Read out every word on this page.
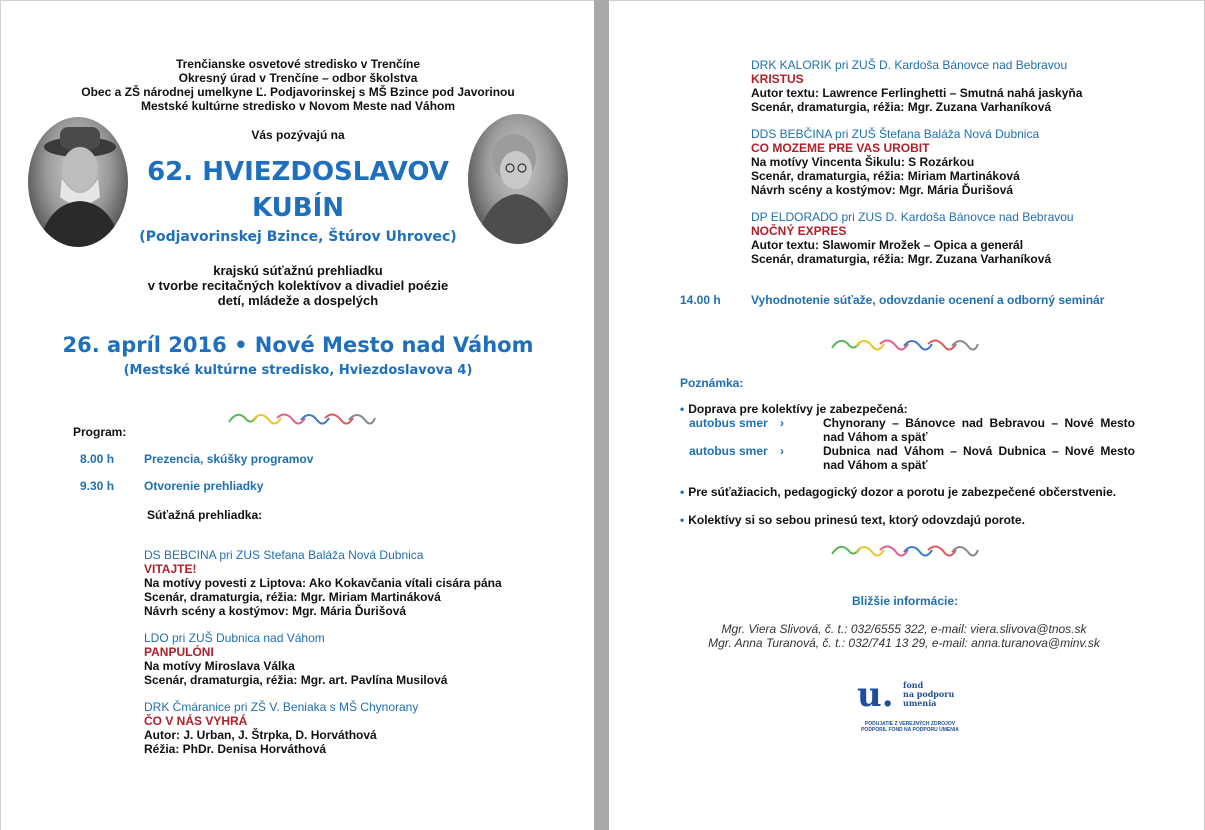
Trenčianske osvetové stredisko v Trenčíne
Okresný úrad v Trenčíne – odbor školstva
Obec a ZŠ národnej umelkyne Ľ. Podjavorinskej s MŠ Bzince pod Javorinou
Mestské kultúrne stredisko v Novom Meste nad Váhom
Vás pozývajú na
62. HVIEZDOSLAVOV
KUBÍN
(Podjavorinskej Bzince, Štúrov Uhrovec)
krajskú súťažnú prehliadku
v tvorbe recitačných kolektívov a divadiel poézie
detí, mládeže a dospelých
26. apríl 2016 • Nové Mesto nad Váhom
(Mestské kultúrne stredisko, Hviezdoslavova 4)
Program:
8.00 h Prezencia, skúšky programov
9.30 h Otvorenie prehliadky
Súťažná prehliadka:
DS BEBCINA pri ZUS Stefana Baláža Nová Dubnica
VITAJTE!
Na motívy povesti z Liptova: Ako Kokavčania vítali cisára pána
Scenár, dramaturgia, réžia: Mgr. Miriam Martináková
Návrh scény a kostýmov: Mgr. Mária Ďurišová
LDO pri ZUŠ Dubnica nad Váhom
PANPULÓNI
Na motívy Miroslava Válka
Scenár, dramaturgia, réžia: Mgr. art. Pavlína Musilová
DRK Čmáranice pri ZŠ V. Beniaka s MŠ Chynorany
ČO V NÁS VYHRÁ
Autor: J. Urban, J. Štrpka, D. Horváthová
Réžia: PhDr. Denisa Horváthová
DRK KALORIK pri ZUŠ D. Kardoša Bánovce nad Bebravou
KRISTUS
Autor textu: Lawrence Ferlinghetti – Smutná nahá jaskyňa
Scenár, dramaturgia, réžia: Mgr. Zuzana Varhaníková
DDS BEBČINA pri ZUŠ Štefana Baláža Nová Dubnica
CO MOZEME PRE VAS UROBIT
Na motívy Vincenta Šikulu: S Rozárkou
Scenár, dramaturgia, réžia: Miriam Martináková
Návrh scény a kostýmov: Mgr. Mária Ďurišová
DP ELDORADO pri ZUS D. Kardoša Bánovce nad Bebravou
NOČNÝ EXPRES
Autor textu: Slawomir Mrožek – Opica a generál
Scenár, dramaturgia, réžia: Mgr. Zuzana Varhaníková
14.00 h	Vyhodnotenie súťaže, odovzdanie ocenení a odborný seminár
Poznámka:
• Doprava pre kolektívy je zabezpečená:
autobus smer ›	Chynorany – Bánovce nad Bebravou – Nové Mesto
nad Váhom a späť
autobus smer ›	Dubnica nad Váhom – Nová Dubnica – Nové Mesto
nad Váhom a späť
• Pre súťažiacich, pedagogický dozor a porotu je zabezpečené občerstvenie.
• Kolektívy si so sebou prinesú text, ktorý odovzdajú porote.
Bližšie informácie:
Mgr. Viera Slivová, č. t.: 032/6555 322, e-mail: viera.slivova@tnos.sk
Mgr. Anna Turanová, č. t.: 032/741 13 29, e-mail: anna.turanova@minv.sk
u. fond
na podporu
umenia
PODUJATIE Z VEREJNÝCH ZDROJOV
PODPORIL FOND NA PODPORU UMENIA
